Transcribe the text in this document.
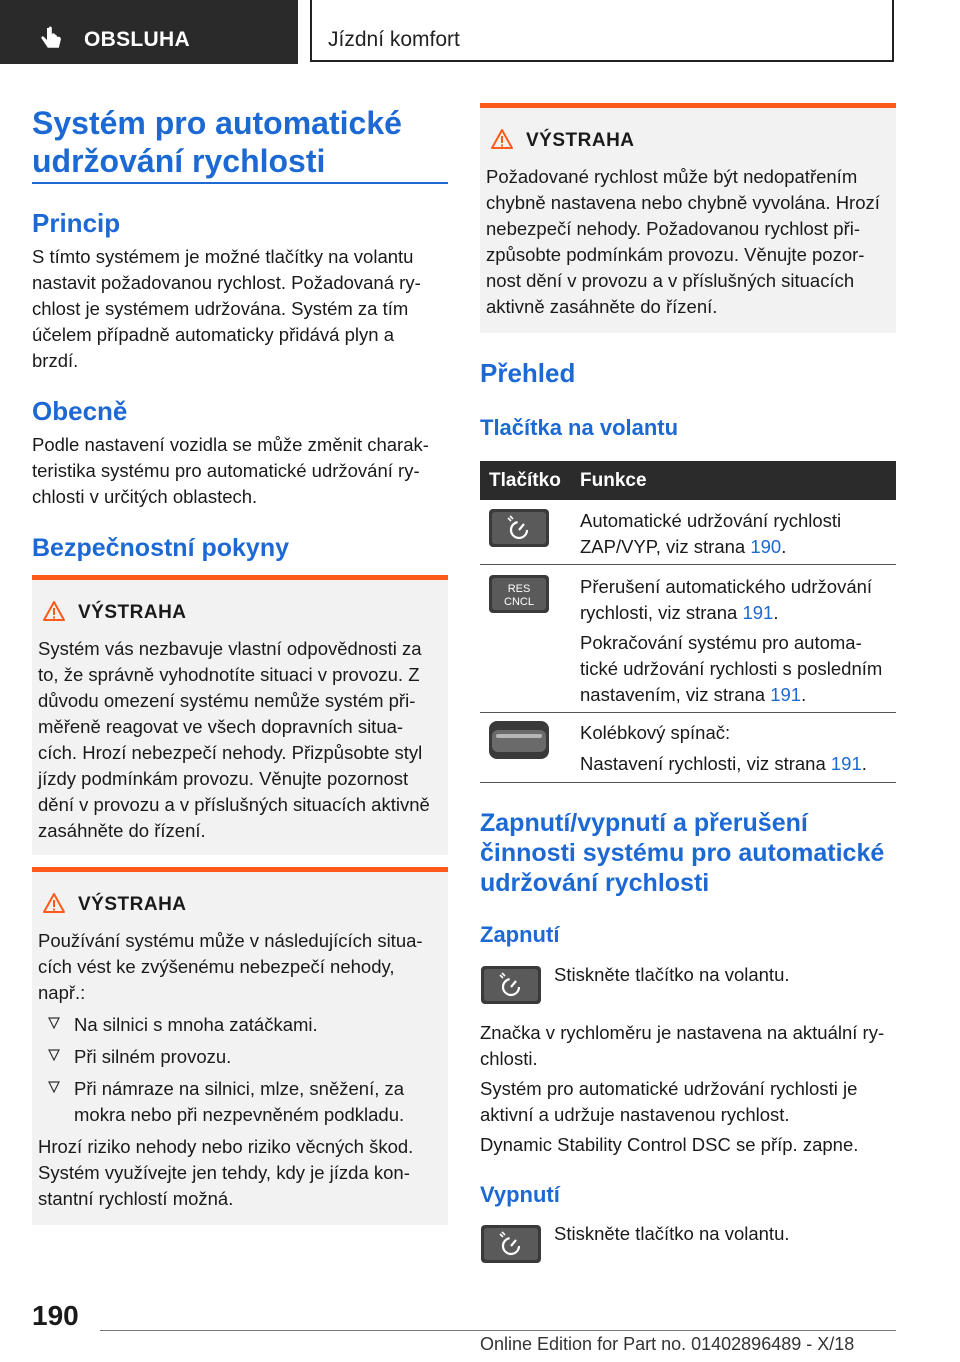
OBSLUHA	Jízdní komfort
Systém pro automatické udržování rychlosti
Princip

S tímto systémem je možné tlačítky na volantu nastavit požadovanou rychlost. Požadovaná ry-chlost je systémem udržována. Systém za tím účelem případně automaticky přidává plyn a brzdí.

Obecně

Podle nastavení vozidla se může změnit charak-teristika systému pro automatické udržování ry-chlosti v určitých oblastech.

Bezpečnostní pokyny
VÝSTRAHA

Systém vás nezbavuje vlastní odpovědnosti za to, že správně vyhodnotíte situaci v provozu. Z důvodu omezení systému nemůže systém při-měřeně reagovat ve všech dopravních situa-cích. Hrozí nebezpečí nehody. Přizpůsobte styl jízdy podmínkám provozu. Věnujte pozornost dění v provozu a v příslušných situacích aktivně zasáhněte do řízení.

VÝSTRAHA

Používání systému může v následujících situa-cích vést ke zvýšenému nebezpečí nehody, např.:

Na silnici s mnoha zatáčkami.
Při silném provozu.
Při námraze na silnici, mlze, sněžení, za mokra nebo při nezpevněném podkladu.

Hrozí riziko nehody nebo riziko věcných škod. Systém využívejte jen tehdy, kdy je jízda kon-stantní rychlostí možná.

VÝSTRAHA

Požadované rychlost může být nedopatřením chybně nastavena nebo chybně vyvolána. Hrozí nebezpečí nehody. Požadovanou rychlost při-způsobte podmínkám provozu. Věnujte pozor-nost dění v provozu a v příslušných situacích aktivně zasáhněte do řízení.

Přehled
Tlačítka na volantu
Tlačítko Funkce

Automatické udržování rychlosti ZAP/VYP, viz strana 190.

RES
CNCL

Přerušení automatického udržování rychlosti, viz strana 191.

Pokračování systému pro automa-tické udržování rychlosti s posledním nastavením, viz strana 191.

Kolébkový spínač:

Nastavení rychlosti, viz strana 191.

Zapnutí/vypnutí a přerušení činnosti systému pro automatické udržování rychlosti
Zapnutí

Stiskněte tlačítko na volantu.

Značka v rychloměru je nastavena na aktuální ry-chlosti.

Systém pro automatické udržování rychlosti je aktivní a udržuje nastavenou rychlost.

Dynamic Stability Control DSC se příp. zapne.

Vypnutí

Stiskněte tlačítko na volantu.

190
Online Edition for Part no. 01402896489 - X/18
